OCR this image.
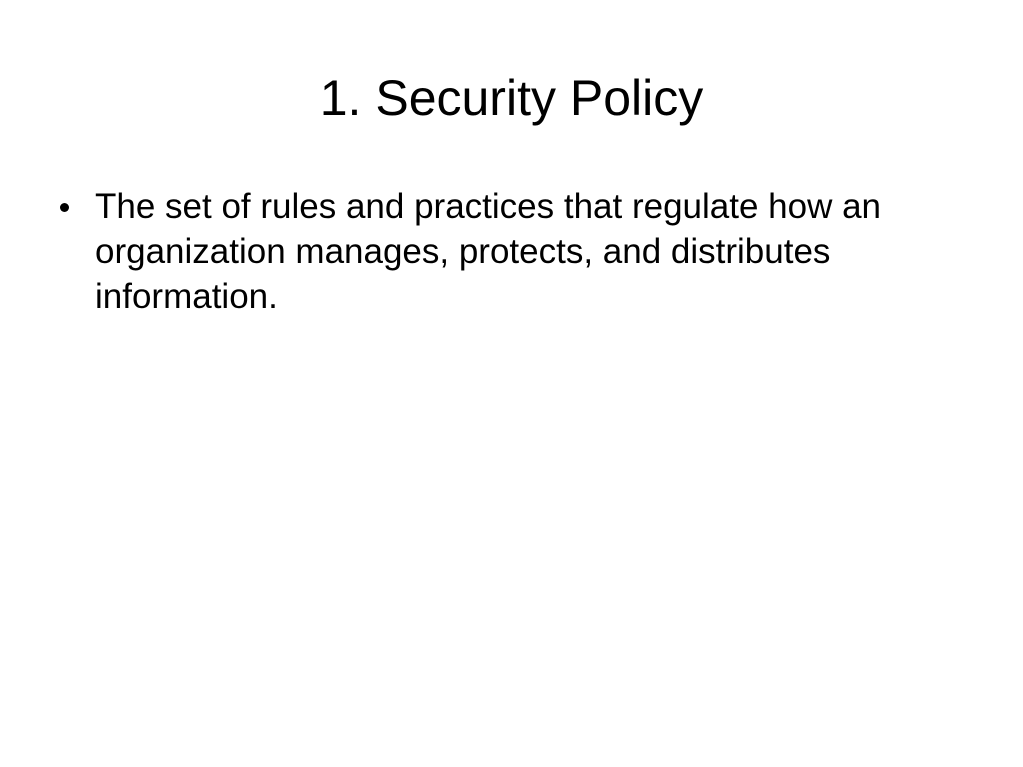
1. Security Policy
The set of rules and practices that regulate how an organization manages, protects, and distributes information.
